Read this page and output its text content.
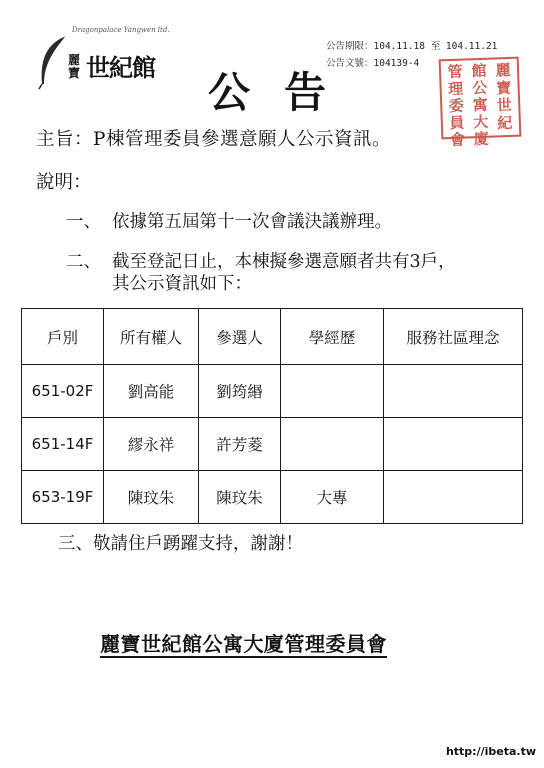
Dragonpalace Yangwen ltd.
麗寶 世紀館
公告
公告期限：104.11.18 至 104.11.21
公告文號：104139-4	麗
寶
世
紀
館
公
寓
大
廈
管
理
委
員
會
主旨：P棟管理委員參選意願人公示資訊。
說明：
一、 依據第五屆第十一次會議決議辦理。
二、 截至登記日止，本棟擬參選意願者共有3戶，
其公示資訊如下：
戶別	所有權人	參選人	學經歷	服務社區理念
651-02F	劉高能	劉筠緡		
651-14F	繆永祥	許芳菱		
653-19F	陳玟朱	陳玟朱	大專	
三、敬請住戶踴躍支持，謝謝！
麗寶世紀館公寓大廈管理委員會
http://ibeta.tw
